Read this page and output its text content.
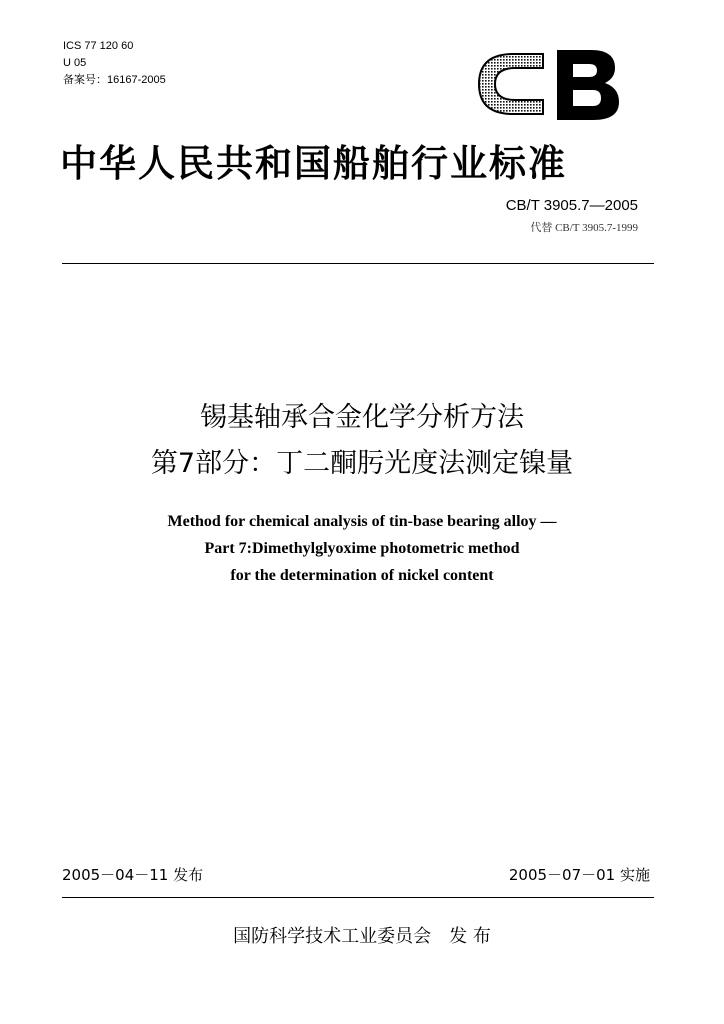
ICS 77 120 60
U 05
备案号：16167-2005
中华人民共和国船舶行业标准
CB/T 3905.7—2005
代替 CB/T 3905.7-1999
锡基轴承合金化学分析方法
第7部分：丁二酮肟光度法测定镍量
Method for chemical analysis of tin-base bearing alloy —
Part 7:Dimethylglyoxime photometric method
for the determination of nickel content
2005－04－11 发布	2005－07－01 实施
国防科学技术工业委员会 发 布
